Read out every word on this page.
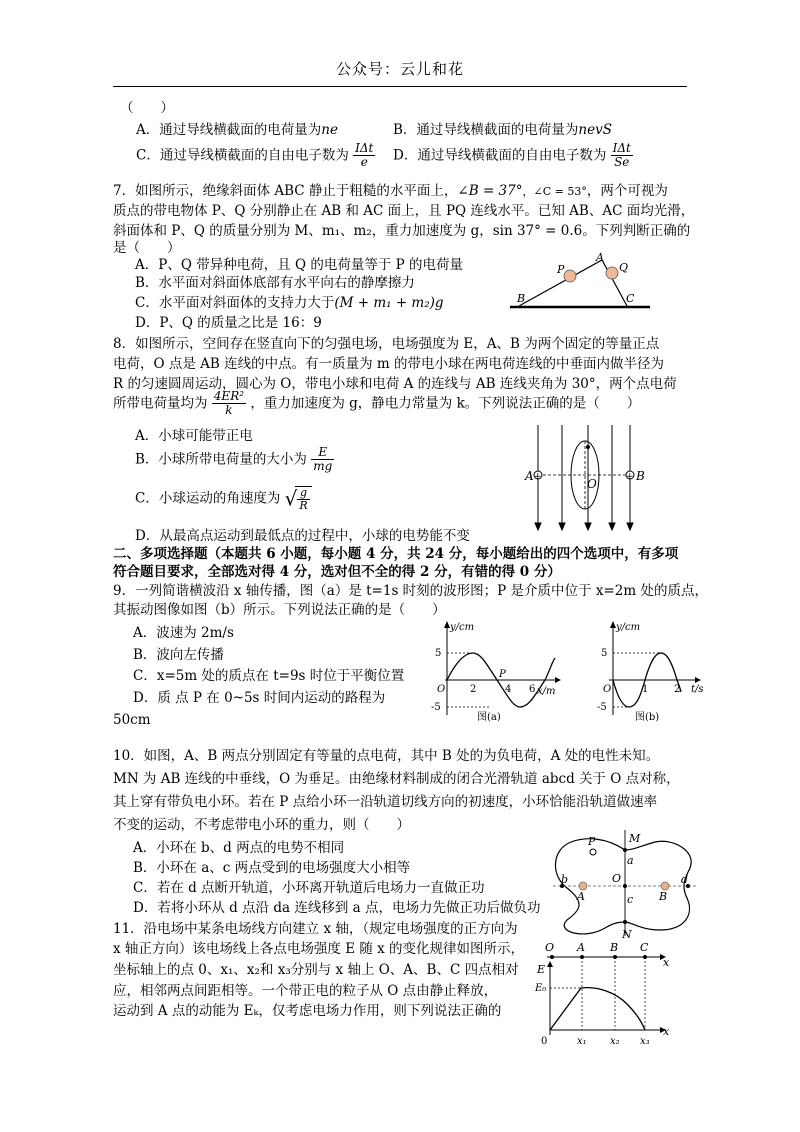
公众号：云儿和花
（　　）
A．通过导线横截面的电荷量为ne	B．通过导线横截面的电荷量为nevS
C．通过导线横截面的自由电子数为 $\frac{\text{IΔt}}{e}$ D．通过导线横截面的自由电子数为 $\frac{\text{IΔt}}{Se}$
7．如图所示，绝缘斜面体 ABC 静止于粗糙的水平面上，∠B = 37°，∠C = 53°，两个可视为
质点的带电物体 P、Q 分别静止在 AB 和 AC 面上，且 PQ 连线水平。已知 AB、AC 面均光滑，
斜面体和 P、Q 的质量分别为 M、m₁、m₂，重力加速度为 g，sin 37° = 0.6。下列判断正确的
是（　　）
A．P、Q 带异种电荷，且 Q 的电荷量等于 P 的电荷量
B．水平面对斜面体底部有水平向右的静摩擦力
C．水平面对斜面体的支持力大于(M + m₁ + m₂)g
D．P、Q 的质量之比是 16：9
A
P	Q
B	C
8．如图所示，空间存在竖直向下的匀强电场，电场强度为 E，A、B 为两个固定的等量正点
电荷，O 点是 AB 连线的中点。有一质量为 m 的带电小球在两电荷连线的中垂面内做半径为
R 的匀速圆周运动，圆心为 O，带电小球和电荷 A 的连线与 AB 连线夹角为 30°，两个点电荷
所带电荷量均为 $\frac{\text{4ER²}}{k}$ ，重力加速度为 g，静电力常量为 k。下列说法正确的是（　　）
A．小球可能带正电
B．小球所带电荷量的大小为 $\frac{E}{mg}$
C．小球运动的角速度为 √ $\frac{g}{R}$
D．从最高点运动到最低点的过程中，小球的电势能不变
+	+
A	B
O
二、多项选择题（本题共 6 小题，每小题 4 分，共 24 分，每小题给出的四个选项中，有多项
符合题目要求，全部选对得 4 分，选对但不全的得 2 分，有错的得 0 分）
9．一列简谐横波沿 x 轴传播，图（a）是 t=1s 时刻的波形图；P 是介质中位于 x=2m 处的质点，
其振动图像如图（b）所示。下列说法正确的是（　　）
A．波速为 2m/s
B．波向左传播
C．x=5m 处的质点在 t=9s 时位于平衡位置
D．质 点 P 在 0~5s 时间内运动的路程为
50cm
y/cm
x/m
5
-5
O 2	4 6
P
图(a)
y/cm
t/s
5
-5
O	1	2
图(b)
10．如图，A、B 两点分别固定有等量的点电荷，其中 B 处的为负电荷，A 处的电性未知。
MN 为 AB 连线的中垂线，O 为垂足。由绝缘材料制成的闭合光滑轨道 abcd 关于 O 点对称，
其上穿有带负电小环。若在 P 点给小环一沿轨道切线方向的初速度，小环恰能沿轨道做速率
不变的运动，不考虑带电小环的重力，则（　　）
A．小环在 b、d 两点的电势不相同
B．小环在 a、c 两点受到的电场强度大小相等
C．若在 d 点断开轨道，小环离开轨道后电场力一直做正功
D．若将小环从 d 点沿 da 连线移到 a 点，电场力先做正功后做负功
P	M
a
O
c
N
b	d
A	B
11．沿电场中某条电场线方向建立 x 轴，（规定电场强度的正方向为
x 轴正方向）该电场线上各点电场强度 E 随 x 的变化规律如图所示，
坐标轴上的点 0、x₁、x₂和 x₃分别与 x 轴上 O、A、B、C 四点相对
应，相邻两点间距相等。一个带正电的粒子从 O 点由静止释放，
运动到 A 点的动能为 Eₖ，仅考虑电场力作用，则下列说法正确的
O A B C
x
E
E₀
x
0	x₁ x₂ x₃
